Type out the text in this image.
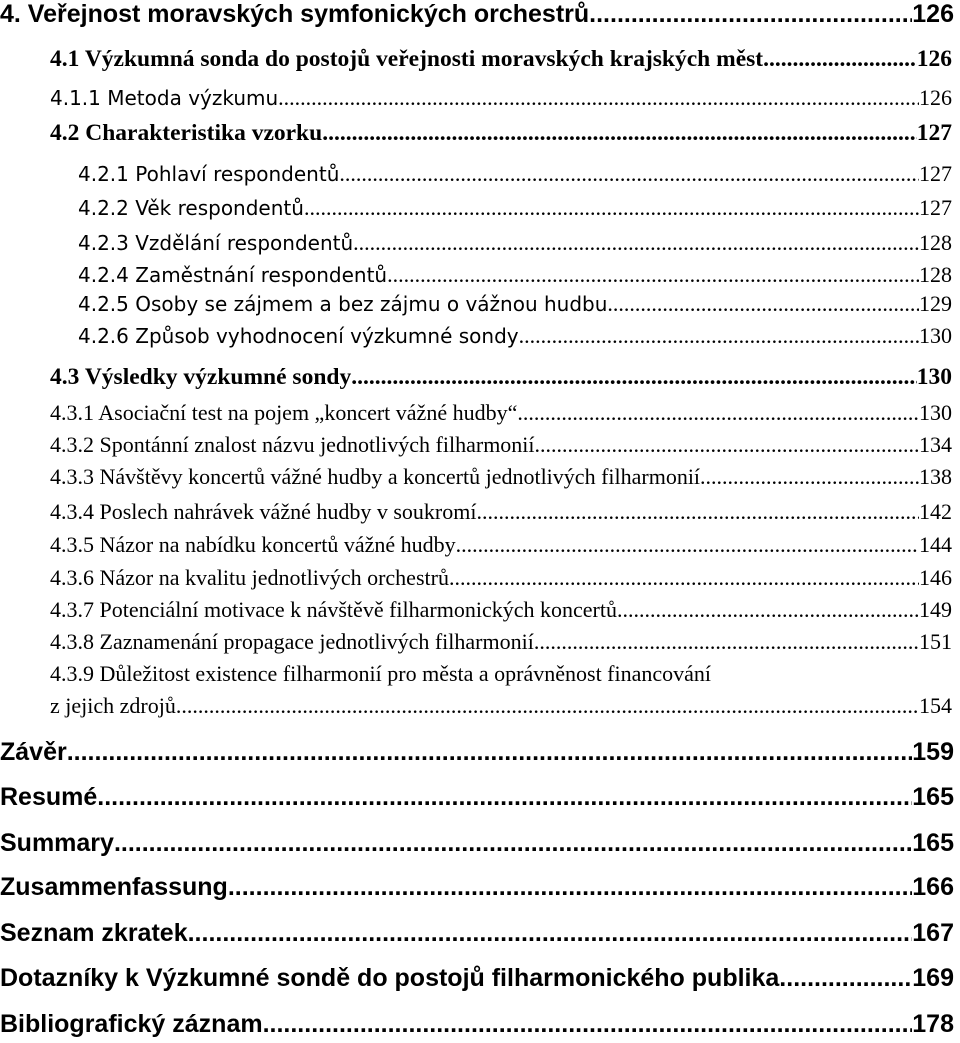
4. Veřejnost moravských symfonických orchestrů .....	126
4.1 Výzkumná sonda do postojů veřejnosti moravských krajských měst .....	126
4.1.1 Metoda výzkumu .....	126
4.2 Charakteristika vzorku .....	127
4.2.1 Pohlaví respondentů .....	127
4.2.2 Věk respondentů .....	127
4.2.3 Vzdělání respondentů .....	128
4.2.4 Zaměstnání respondentů .....	128
4.2.5 Osoby se zájmem a bez zájmu o vážnou hudbu .....	129
4.2.6 Způsob vyhodnocení výzkumné sondy .....	130
4.3 Výsledky výzkumné sondy .....	130
4.3.1 Asociační test na pojem „koncert vážné hudby“ .....	130
4.3.2 Spontánní znalost názvu jednotlivých filharmonií .....	134
4.3.3 Návštěvy koncertů vážné hudby a koncertů jednotlivých filharmonií .....	138
4.3.4 Poslech nahrávek vážné hudby v soukromí .....	142
4.3.5 Názor na nabídku koncertů vážné hudby .....	144
4.3.6 Názor na kvalitu jednotlivých orchestrů .....	146
4.3.7 Potenciální motivace k návštěvě filharmonických koncertů .....	149
4.3.8 Zaznamenání propagace jednotlivých filharmonií .....	151
4.3.9 Důležitost existence filharmonií pro města a oprávněnost financování
z jejich zdrojů .....	154
Závěr .....	159
Resumé .....	165
Summary .....	165
Zusammenfassung .....	166
Seznam zkratek .....	167
Dotazníky k Výzkumné sondě do postojů filharmonického publika .....	169
Bibliografický záznam .....	178
